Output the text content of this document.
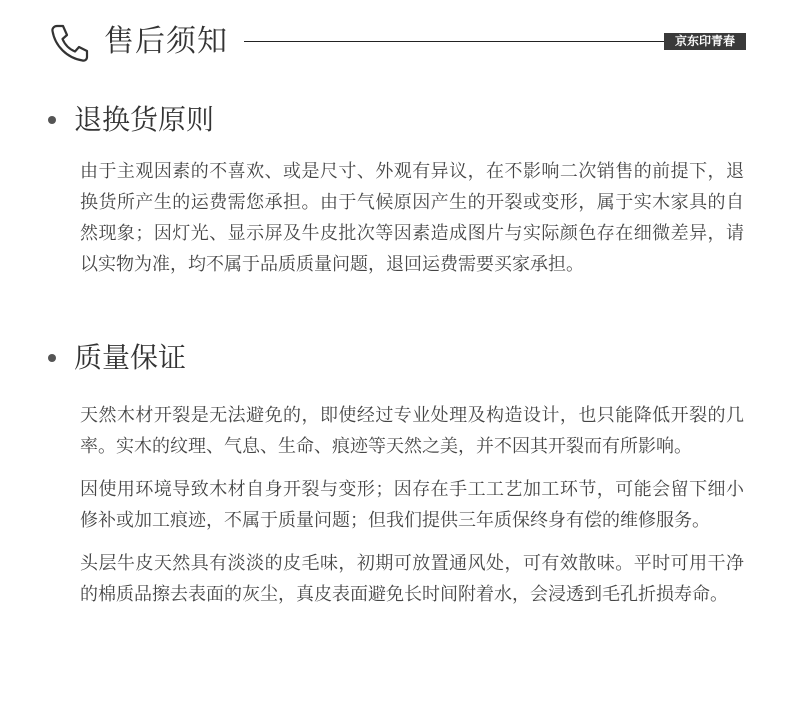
售后须知	京东印青春
退换货原则

由于主观因素的不喜欢、或是尺寸、外观有异议，在不影响二次销售的前提下，退换货所产生的运费需您承担。由于气候原因产生的开裂或变形，属于实木家具的自然现象；因灯光、显示屏及牛皮批次等因素造成图片与实际颜色存在细微差异，请以实物为准，均不属于品质质量问题，退回运费需要买家承担。

质量保证

天然木材开裂是无法避免的，即使经过专业处理及构造设计，也只能降低开裂的几率。实木的纹理、气息、生命、痕迹等天然之美，并不因其开裂而有所影响。

因使用环境导致木材自身开裂与变形；因存在手工工艺加工环节，可能会留下细小修补或加工痕迹，不属于质量问题；但我们提供三年质保终身有偿的维修服务。

头层牛皮天然具有淡淡的皮毛味，初期可放置通风处，可有效散味。平时可用干净的棉质品擦去表面的灰尘，真皮表面避免长时间附着水，会浸透到毛孔折损寿命。
